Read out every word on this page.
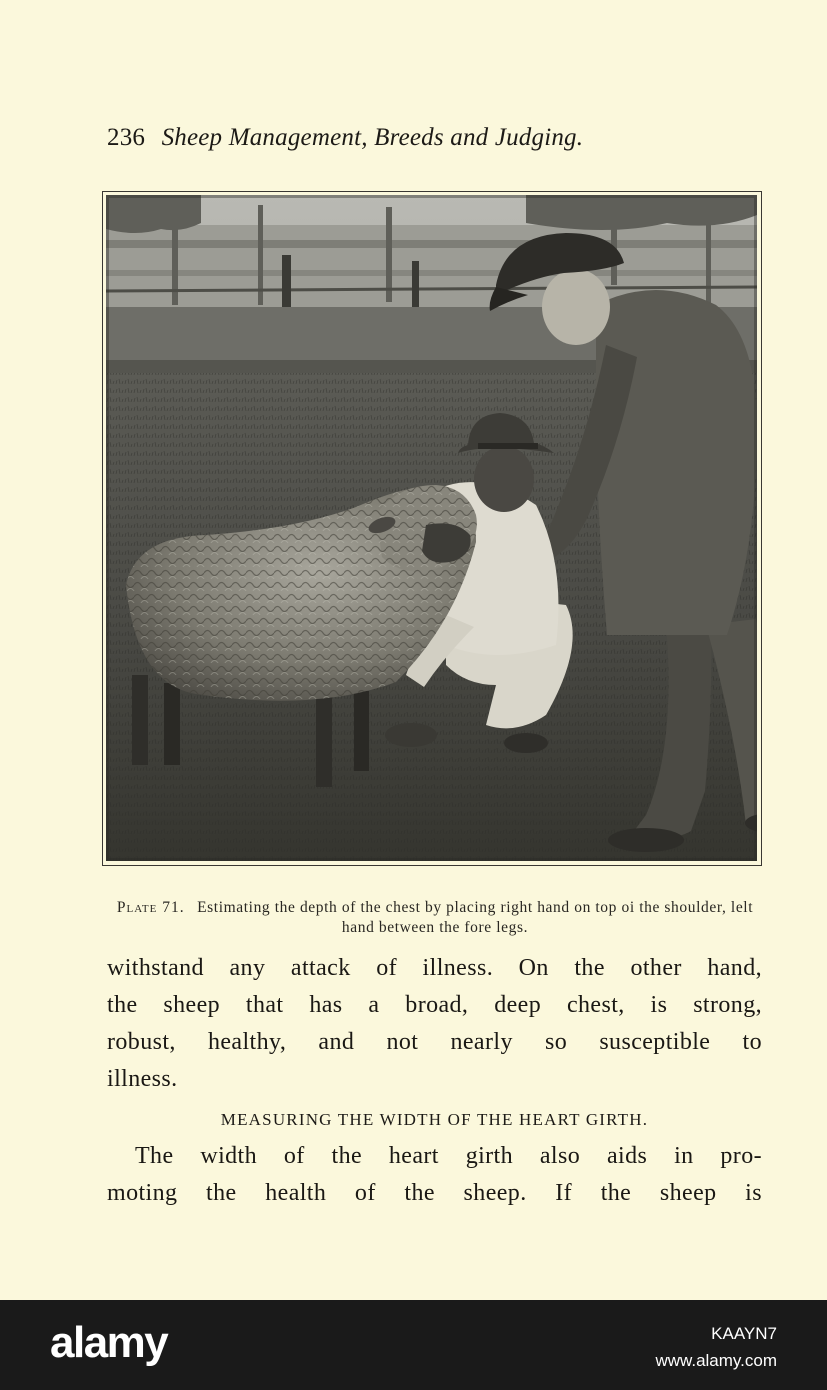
236 Sheep Management, Breeds and Judging.
Plate 71. Estimating the depth of the chest by placing right hand on top oi the shoulder, lelt hand between the fore legs.
withstand any attack of illness. On the other hand,
the sheep that has a broad, deep chest, is strong,
robust, healthy, and not nearly so susceptible to
illness.
MEASURING THE WIDTH OF THE HEART GIRTH.
The width of the heart girth also aids in pro-
moting the health of the sheep. If the sheep is
alamy	KAAYN7
www.alamy.com
